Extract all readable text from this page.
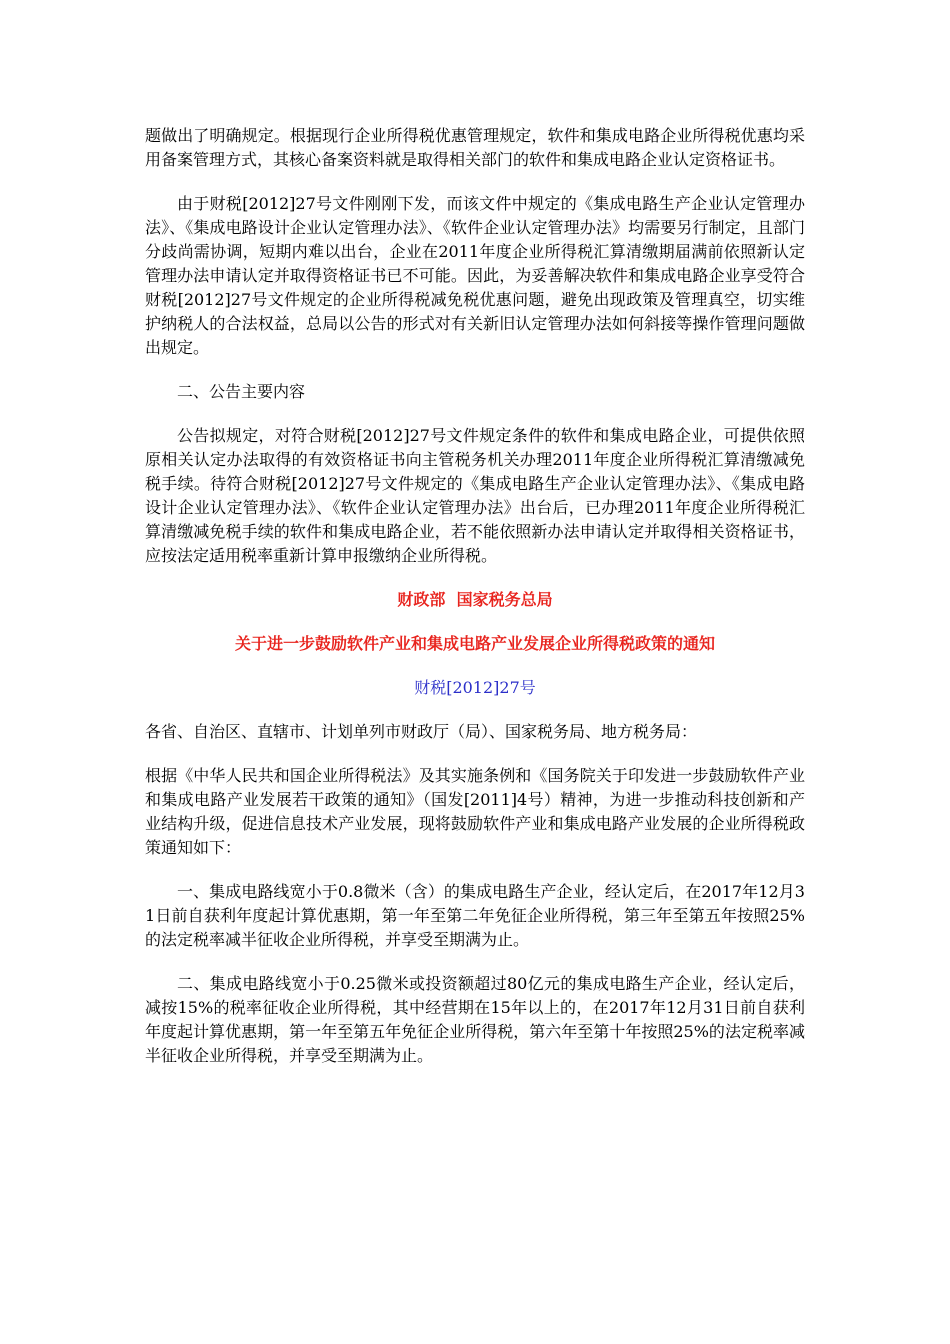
题做出了明确规定。根据现行企业所得税优惠管理规定，软件和集成电路企业所得税优惠均采用备案管理方式，其核心备案资料就是取得相关部门的软件和集成电路企业认定资格证书。

由于财税[2012]27号文件刚刚下发，而该文件中规定的《集成电路生产企业认定管理办法》、《集成电路设计企业认定管理办法》、《软件企业认定管理办法》均需要另行制定，且部门分歧尚需协调，短期内难以出台，企业在2011年度企业所得税汇算清缴期届满前依照新认定管理办法申请认定并取得资格证书已不可能。因此，为妥善解决软件和集成电路企业享受符合财税[2012]27号文件规定的企业所得税减免税优惠问题，避免出现政策及管理真空，切实维护纳税人的合法权益，总局以公告的形式对有关新旧认定管理办法如何斜接等操作管理问题做出规定。

二、公告主要内容

公告拟规定，对符合财税[2012]27号文件规定条件的软件和集成电路企业，可提供依照原相关认定办法取得的有效资格证书向主管税务机关办理2011年度企业所得税汇算清缴减免税手续。待符合财税[2012]27号文件规定的《集成电路生产企业认定管理办法》、《集成电路设计企业认定管理办法》、《软件企业认定管理办法》出台后，已办理2011年度企业所得税汇算清缴减免税手续的软件和集成电路企业，若不能依照新办法申请认定并取得相关资格证书，应按法定适用税率重新计算申报缴纳企业所得税。

财政部  国家税务总局

关于进一步鼓励软件产业和集成电路产业发展企业所得税政策的通知

财税[2012]27号

各省、自治区、直辖市、计划单列市财政厅（局）、国家税务局、地方税务局：

根据《中华人民共和国企业所得税法》及其实施条例和《国务院关于印发进一步鼓励软件产业和集成电路产业发展若干政策的通知》（国发[2011]4号）精神，为进一步推动科技创新和产业结构升级，促进信息技术产业发展，现将鼓励软件产业和集成电路产业发展的企业所得税政策通知如下：

一、集成电路线宽小于0.8微米（含）的集成电路生产企业，经认定后，在2017年12月31日前自获利年度起计算优惠期，第一年至第二年免征企业所得税，第三年至第五年按照25%的法定税率减半征收企业所得税，并享受至期满为止。

二、集成电路线宽小于0.25微米或投资额超过80亿元的集成电路生产企业，经认定后，减按15%的税率征收企业所得税，其中经营期在15年以上的，在2017年12月31日前自获利年度起计算优惠期，第一年至第五年免征企业所得税，第六年至第十年按照25%的法定税率减半征收企业所得税，并享受至期满为止。
